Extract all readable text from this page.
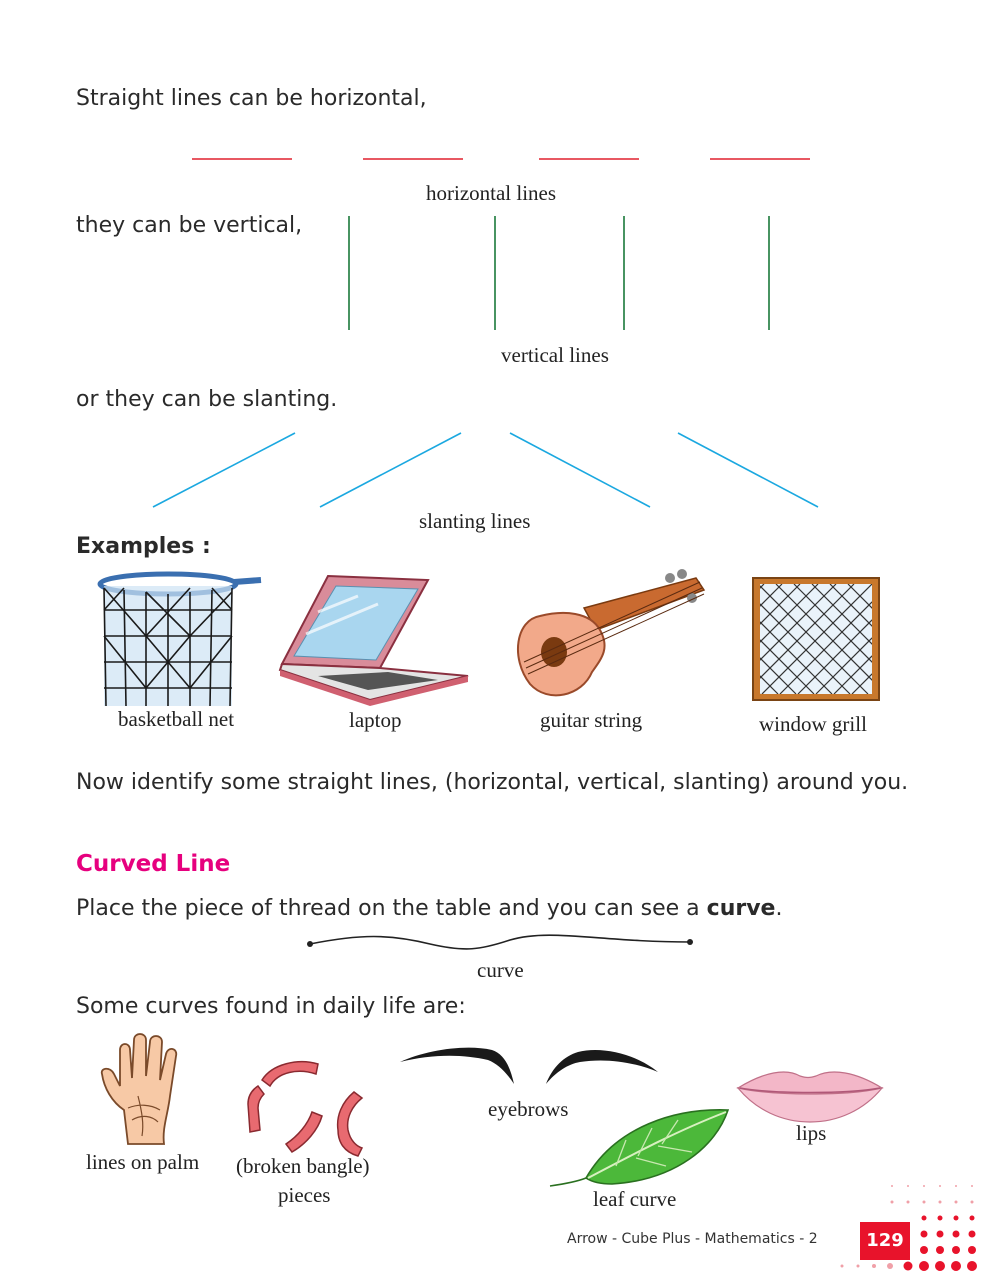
Straight lines can be horizontal,
horizontal lines
they can be vertical,
vertical lines
or they can be slanting.
slanting lines
Examples :
basketball net	laptop	guitar string	window grill
Now identify some straight lines, (horizontal, vertical, slanting) around you.
Curved Line
Place the piece of thread on the table and you can see a curve.
curve
Some curves found in daily life are:
lines on palm (broken bangle)
pieces
eyebrows
lips
leaf curve
Arrow - Cube Plus - Mathematics - 2	129
